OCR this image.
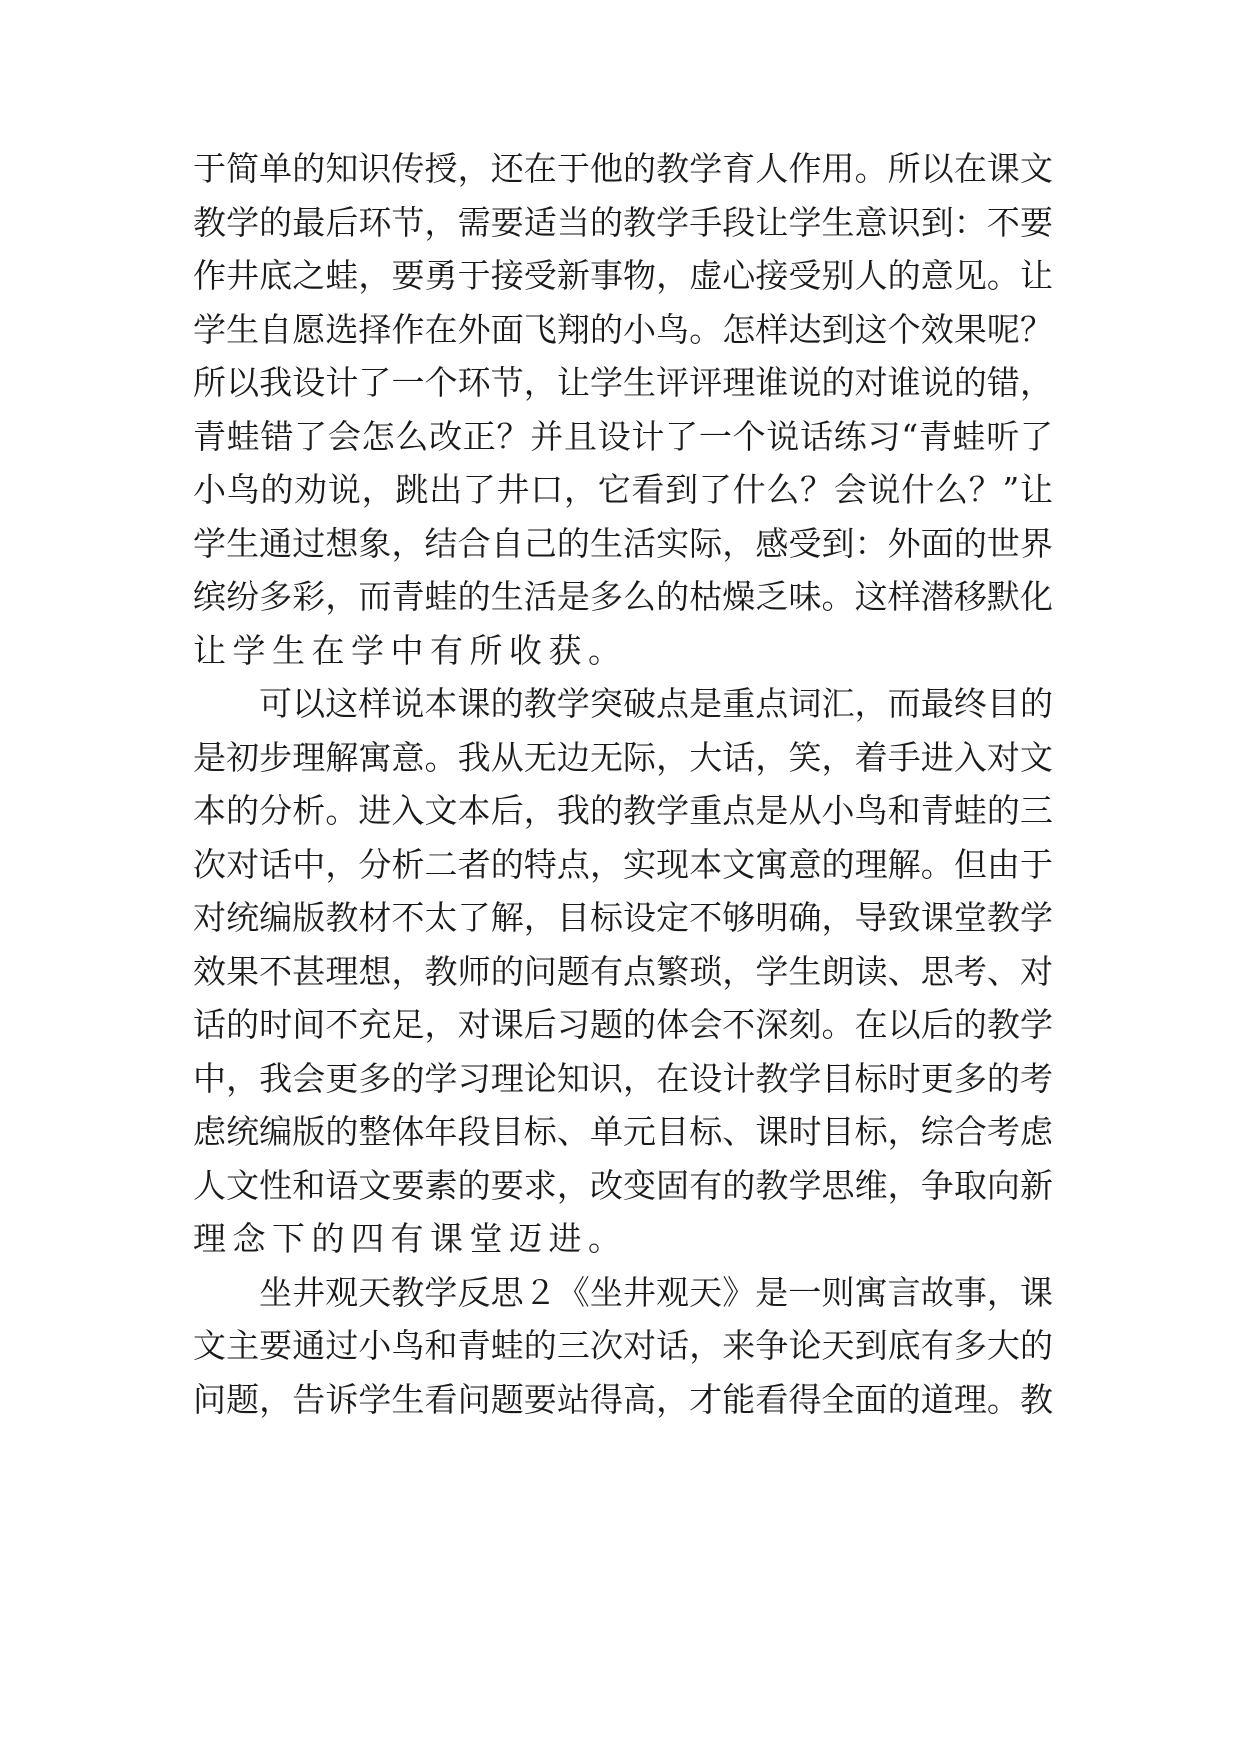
于简单的知识传授，还在于他的教学育人作用。所以在课文
教学的最后环节，需要适当的教学手段让学生意识到：不要
作井底之蛙，要勇于接受新事物，虚心接受别人的意见。让
学生自愿选择作在外面飞翔的小鸟。怎样达到这个效果呢？
所以我设计了一个环节，让学生评评理谁说的对谁说的错，
青蛙错了会怎么改正？并且设计了一个说话练习“青蛙听了
小鸟的劝说，跳出了井口，它看到了什么？会说什么？”让
学生通过想象，结合自己的生活实际，感受到：外面的世界
缤纷多彩，而青蛙的生活是多么的枯燥乏味。这样潜移默化
让学生在学中有所收获。
可以这样说本课的教学突破点是重点词汇，而最终目的
是初步理解寓意。我从无边无际，大话，笑，着手进入对文
本的分析。进入文本后，我的教学重点是从小鸟和青蛙的三
次对话中，分析二者的特点，实现本文寓意的理解。但由于
对统编版教材不太了解，目标设定不够明确，导致课堂教学
效果不甚理想，教师的问题有点繁琐，学生朗读、思考、对
话的时间不充足，对课后习题的体会不深刻。在以后的教学
中，我会更多的学习理论知识，在设计教学目标时更多的考
虑统编版的整体年段目标、单元目标、课时目标，综合考虑
人文性和语文要素的要求，改变固有的教学思维，争取向新
理念下的四有课堂迈进。
坐井观天教学反思２《坐井观天》是一则寓言故事，课
文主要通过小鸟和青蛙的三次对话，来争论天到底有多大的
问题，告诉学生看问题要站得高，才能看得全面的道理。教
